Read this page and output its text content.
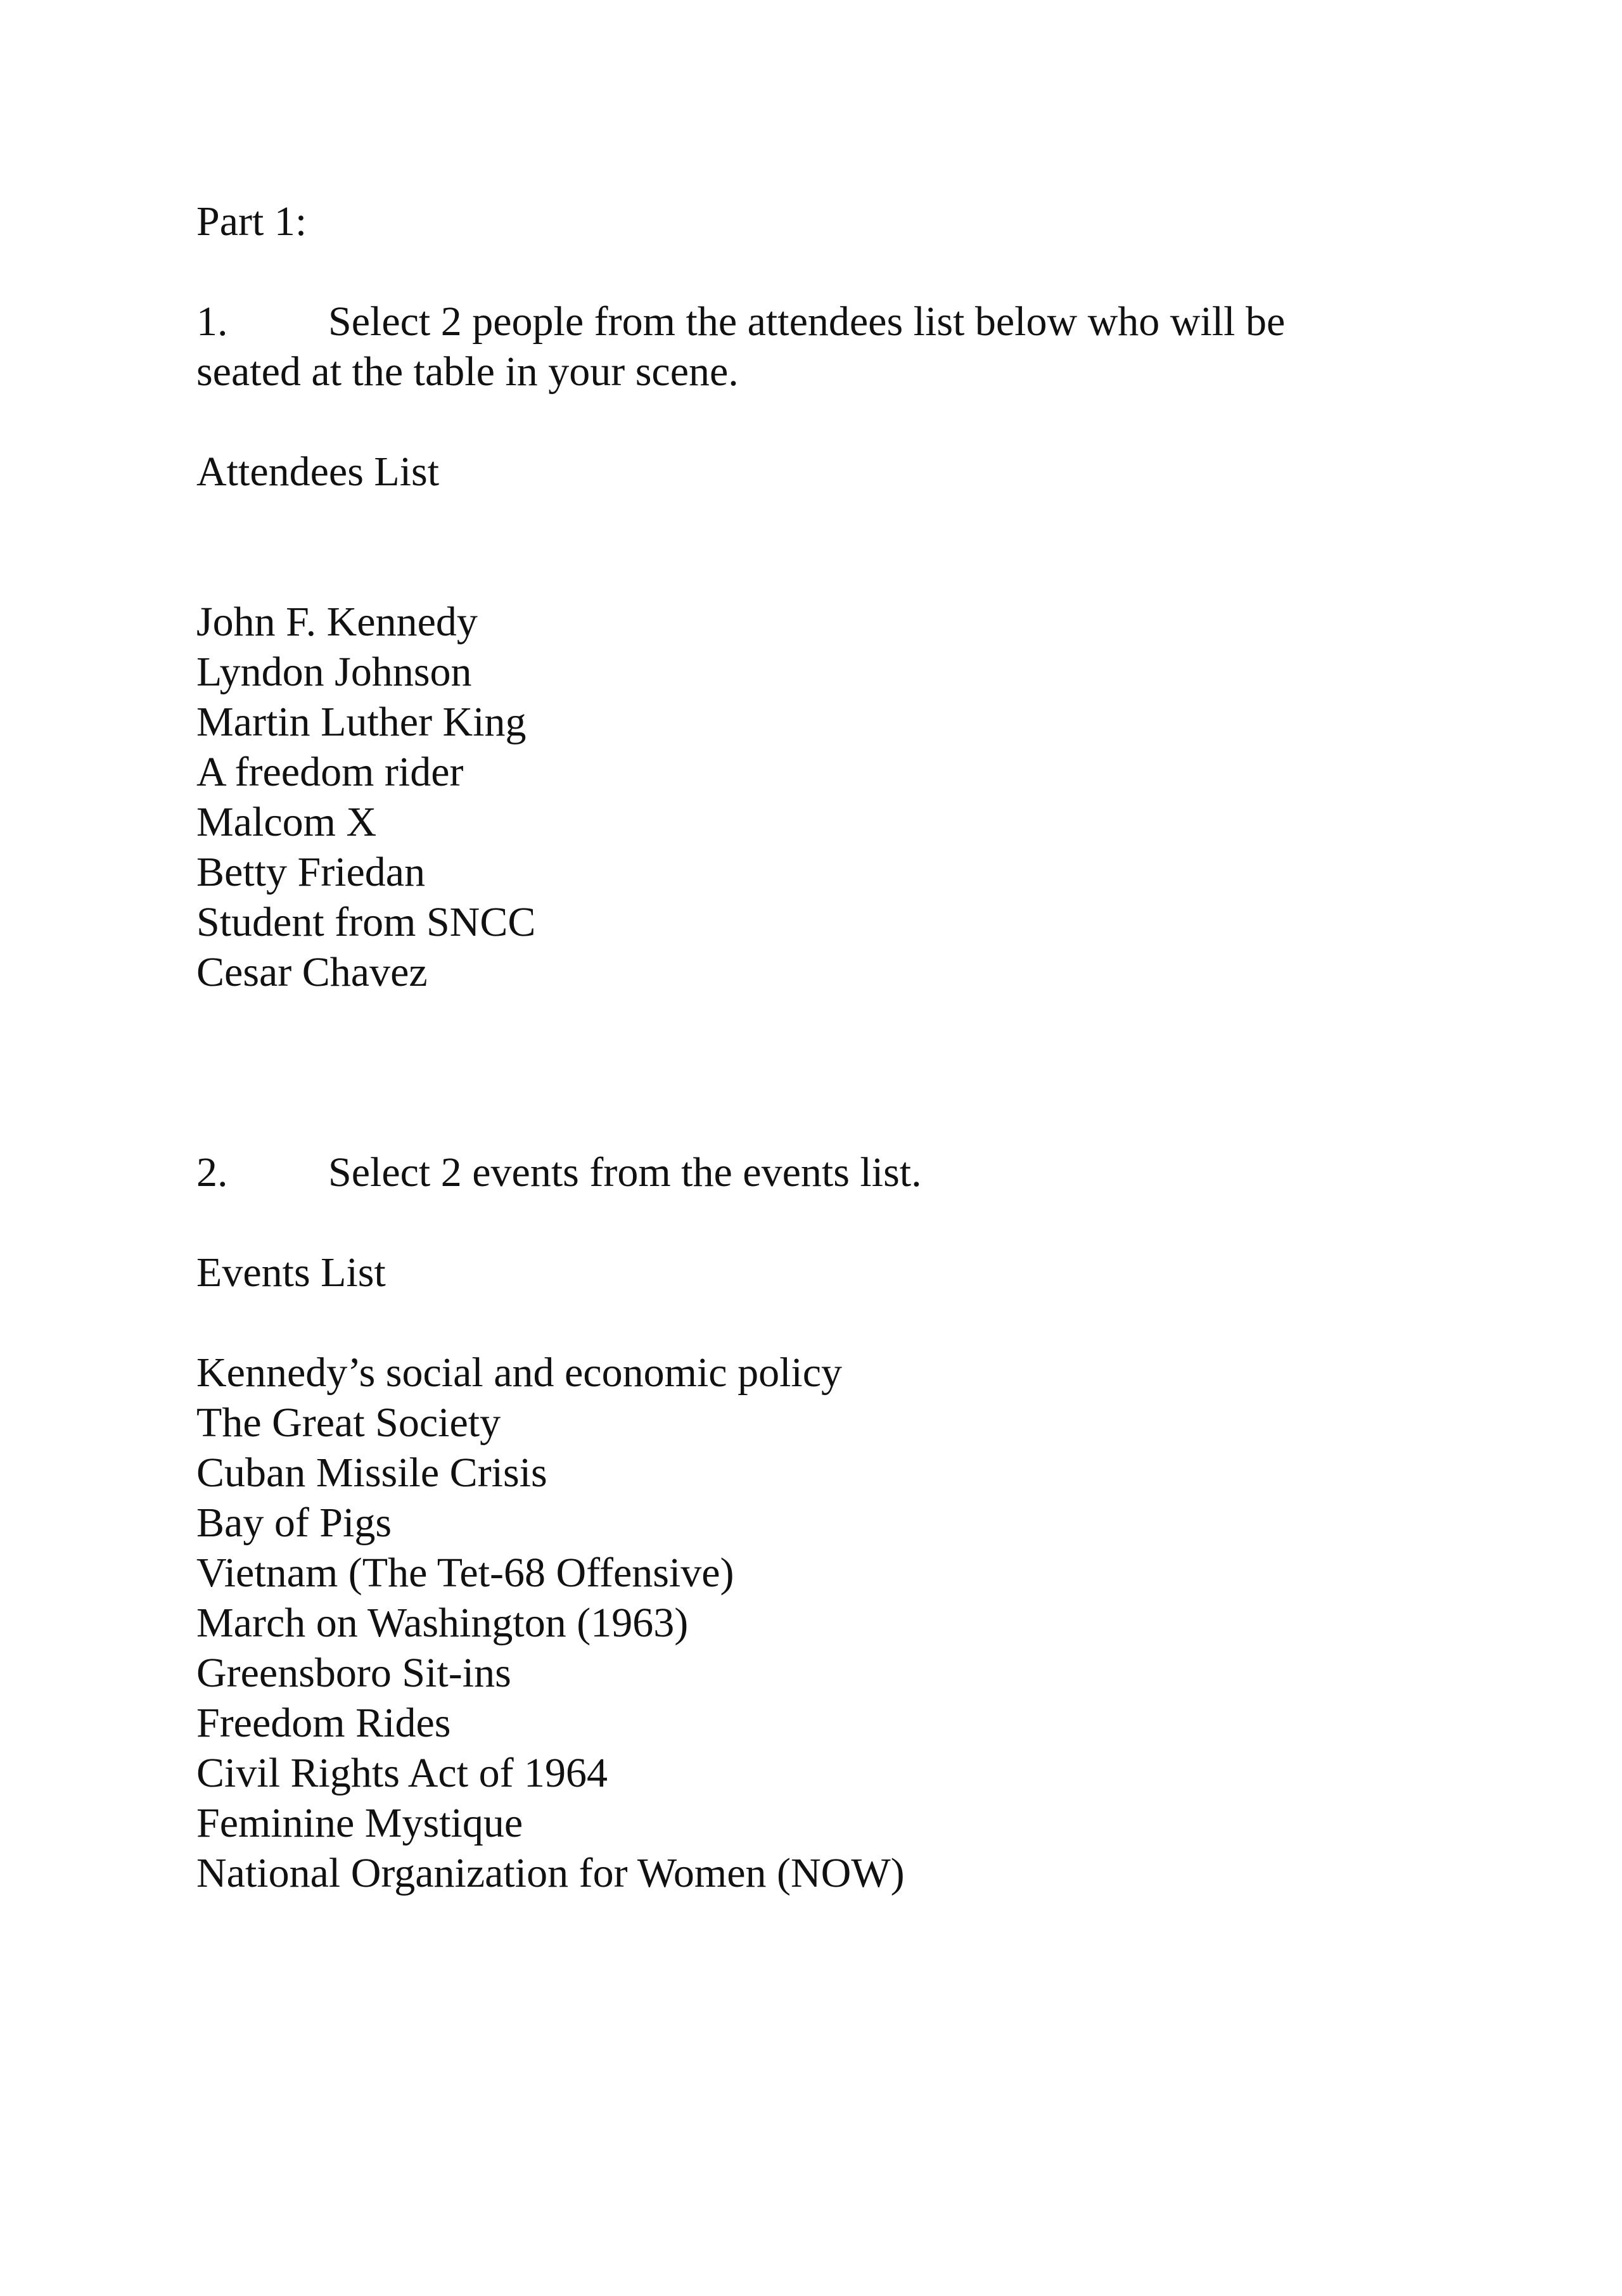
Part 1:

1. Select 2 people from the attendees list below who will be

seated at the table in your scene.

Attendees List

John F. Kennedy
Lyndon Johnson
Martin Luther King
A freedom rider
Malcom X
Betty Friedan
Student from SNCC
Cesar Chavez

2. Select 2 events from the events list.

Events List

Kennedy’s social and economic policy
The Great Society
Cuban Missile Crisis
Bay of Pigs
Vietnam (The Tet-68 Offensive)
March on Washington (1963)
Greensboro Sit-ins
Freedom Rides
Civil Rights Act of 1964
Feminine Mystique
National Organization for Women (NOW)
